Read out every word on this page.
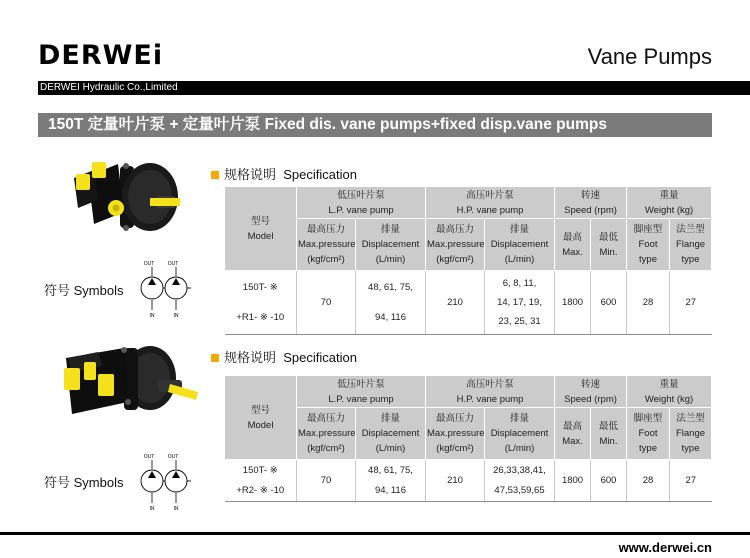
DERWEi	Vane Pumps
DERWEI Hydraulic Co.,Limited
150T 定量叶片泵 + 定量叶片泵 Fixed dis. vane pumps+fixed disp.vane pumps
符号 Symbols
OUT	OUT
IN	IN
规格说明 Specification
型号
Model	低压叶片泵
L.P. vane pump		高压叶片泵
H.P. vane pump		转速
Speed (rpm)		重量
Weight (kg)	
	最高压力
Max.pressure
(kgf/cm²)	排量
Displacement
(L/min)	最高压力
Max.pressure
(kgf/cm²)	排量
Displacement
(L/min)	最高
Max.	最低
Min.	脚座型
Foot
type	法兰型
Flange
type
150T- ※

+R1- ※ -10	70	48, 61, 75,

94, 116	210	6, 8, 11,
14, 17, 19,
23, 25, 31	1800	600	28	27
符号 Symbols
OUT	OUT
IN	IN
规格说明 Specification
型号
Model	低压叶片泵
L.P. vane pump		高压叶片泵
H.P. vane pump		转速
Speed (rpm)		重量
Weight (kg)	
	最高压力
Max.pressure
(kgf/cm²)	排量
Displacement
(L/min)	最高压力
Max.pressure
(kgf/cm²)	排量
Displacement
(L/min)	最高
Max.	最低
Min.	脚座型
Foot
type	法兰型
Flange
type
150T- ※
+R2- ※ -10	70	48, 61, 75,
94, 116	210	26,33,38,41,
47,53,59,65	1800	600	28	27
www.derwei.cn
